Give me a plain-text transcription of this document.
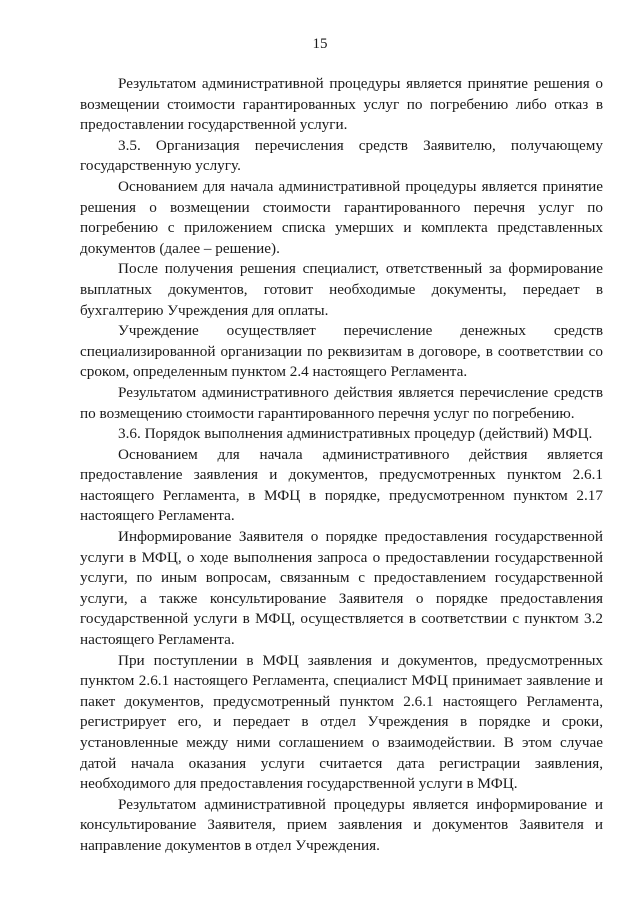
15

Результатом административной процедуры является принятие решения о возмещении стоимости гарантированных услуг по погребению либо отказ в предоставлении государственной услуги.

3.5. Организация перечисления средств Заявителю, получающему государственную услугу.

Основанием для начала административной процедуры является принятие решения о возмещении стоимости гарантированного перечня услуг по погребению с приложением списка умерших и комплекта представленных документов (далее – решение).

После получения решения специалист, ответственный за формирование выплатных документов, готовит необходимые документы, передает в бухгалтерию Учреждения для оплаты.

Учреждение осуществляет перечисление денежных средств специализированной организации по реквизитам в договоре, в соответствии со сроком, определенным пунктом 2.4 настоящего Регламента.

Результатом административного действия является перечисление средств по возмещению стоимости гарантированного перечня услуг по погребению.

3.6. Порядок выполнения административных процедур (действий) МФЦ.

Основанием для начала административного действия является предоставление заявления и документов, предусмотренных пунктом 2.6.1 настоящего Регламента, в МФЦ в порядке, предусмотренном пунктом 2.17 настоящего Регламента.

Информирование Заявителя о порядке предоставления государственной услуги в МФЦ, о ходе выполнения запроса о предоставлении государственной услуги, по иным вопросам, связанным с предоставлением государственной услуги, а также консультирование Заявителя о порядке предоставления государственной услуги в МФЦ, осуществляется в соответствии с пунктом 3.2 настоящего Регламента.

При поступлении в МФЦ заявления и документов, предусмотренных пунктом 2.6.1 настоящего Регламента, специалист МФЦ принимает заявление и пакет документов, предусмотренный пунктом 2.6.1 настоящего Регламента, регистрирует его, и передает в отдел Учреждения в порядке и сроки, установленные между ними соглашением о взаимодействии. В этом случае датой начала оказания услуги считается дата регистрации заявления, необходимого для предоставления государственной услуги в МФЦ.

Результатом административной процедуры является информирование и консультирование Заявителя, прием заявления и документов Заявителя и направление документов в отдел Учреждения.
